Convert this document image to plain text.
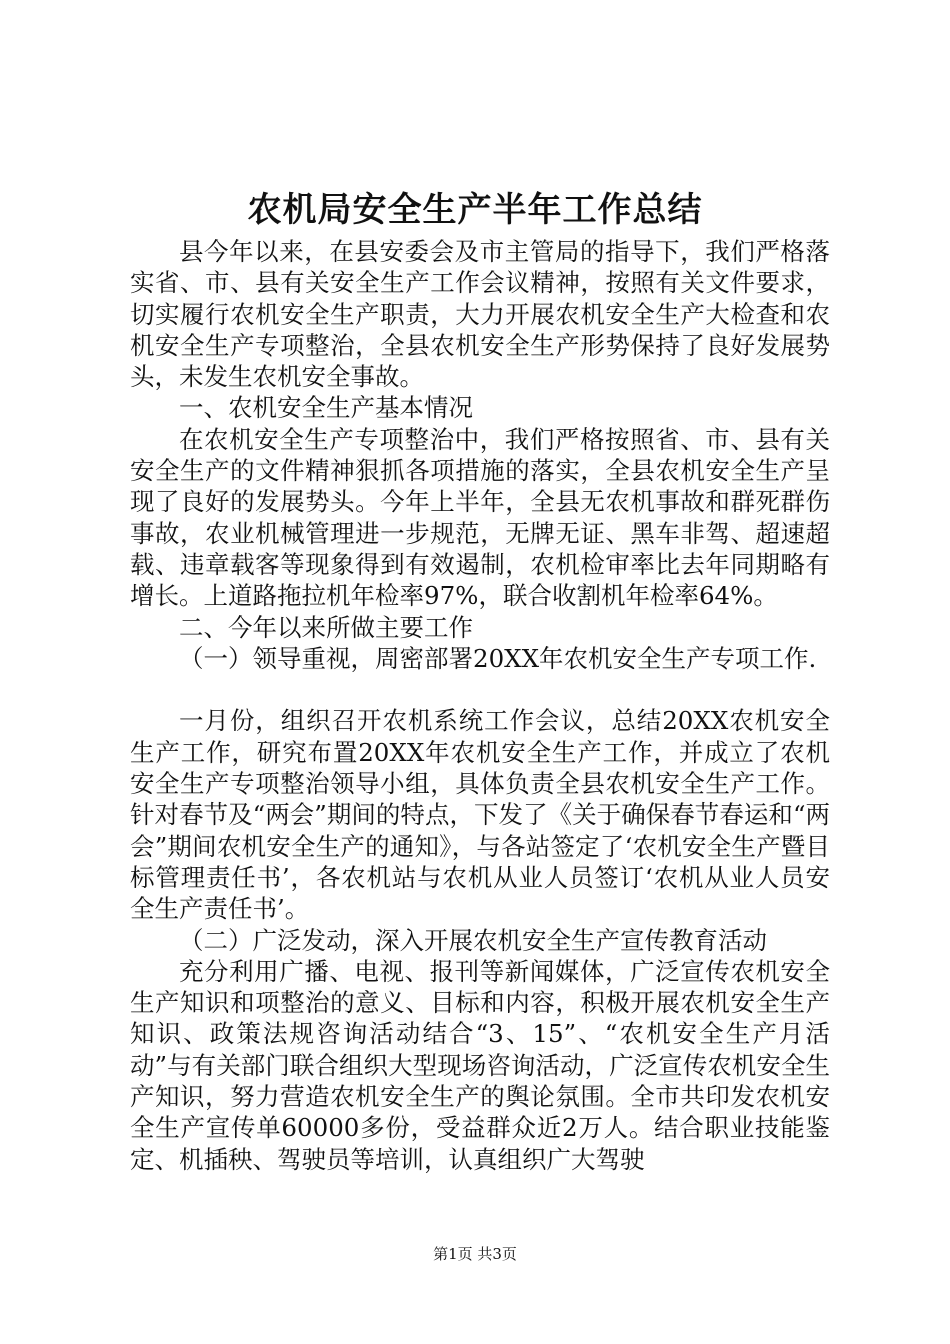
农机局安全生产半年工作总结

县今年以来，在县安委会及市主管局的指导下，我们严格落实省、市、县有关安全生产工作会议精神，按照有关文件要求，切实履行农机安全生产职责，大力开展农机安全生产大检查和农机安全生产专项整治，全县农机安全生产形势保持了良好发展势头，未发生农机安全事故。

一、农机安全生产基本情况

在农机安全生产专项整治中，我们严格按照省、市、县有关安全生产的文件精神狠抓各项措施的落实，全县农机安全生产呈现了良好的发展势头。今年上半年，全县无农机事故和群死群伤事故，农业机械管理进一步规范，无牌无证、黑车非驾、超速超载、违章载客等现象得到有效遏制，农机检审率比去年同期略有增长。上道路拖拉机年检率97%，联合收割机年检率64%。

二、今年以来所做主要工作

（一）领导重视，周密部署20XX年农机安全生产专项工作.

一月份，组织召开农机系统工作会议，总结20XX农机安全生产工作，研究布置20XX年农机安全生产工作，并成立了农机安全生产专项整治领导小组，具体负责全县农机安全生产工作。针对春节及“两会”期间的特点，下发了《关于确保春节春运和“两会”期间农机安全生产的通知》，与各站签定了‘农机安全生产暨目标管理责任书’，各农机站与农机从业人员签订‘农机从业人员安全生产责任书’。

（二）广泛发动，深入开展农机安全生产宣传教育活动

充分利用广播、电视、报刊等新闻媒体，广泛宣传农机安全生产知识和项整治的意义、目标和内容，积极开展农机安全生产知识、政策法规咨询活动结合“3、15”、“农机安全生产月活动”与有关部门联合组织大型现场咨询活动，广泛宣传农机安全生产知识，努力营造农机安全生产的舆论氛围。全市共印发农机安全生产宣传单60000多份，受益群众近2万人。结合职业技能鉴定、机插秧、驾驶员等培训，认真组织广大驾驶

第1页 共3页
